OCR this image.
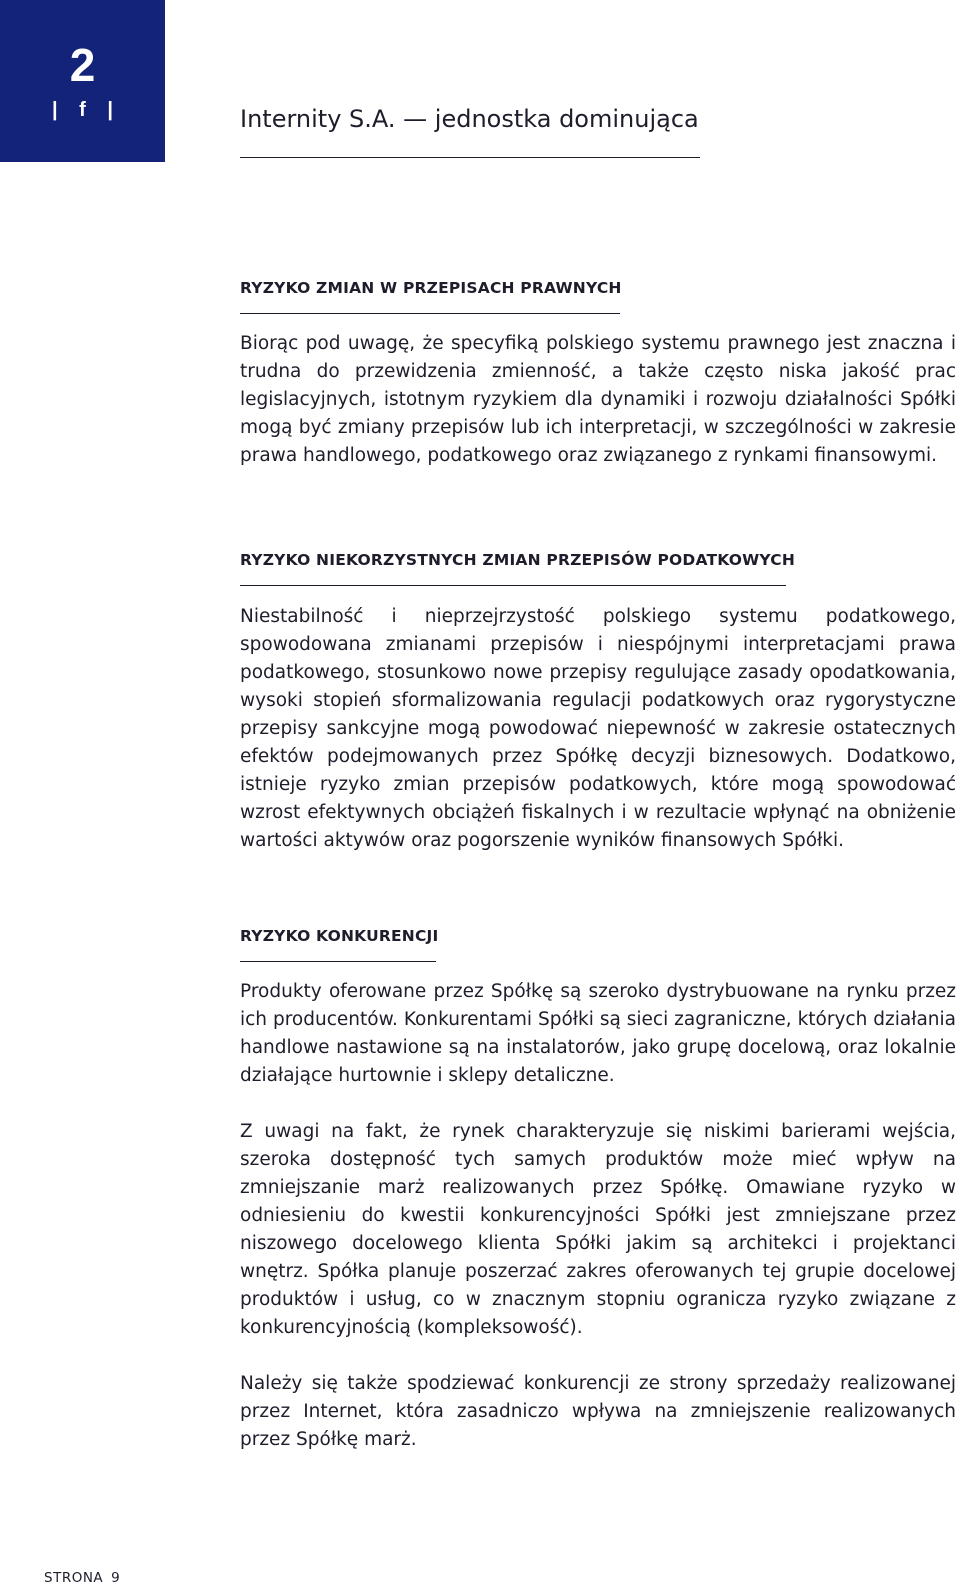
2
| f |	Internity S.A. — jednostka dominująca
RYZYKO ZMIAN W PRZEPISACH PRAWNYCH

Biorąc pod uwagę, że specyfiką polskiego systemu prawnego jest znaczna i trudna do przewidzenia zmienność, a także często niska jakość prac legislacyjnych, istotnym ryzykiem dla dynamiki i rozwoju działalności Spółki mogą być zmiany przepisów lub ich interpretacji, w szczególności w zakresie prawa handlowego, podatkowego oraz związanego z rynkami finansowymi.

RYZYKO NIEKORZYSTNYCH ZMIAN PRZEPISÓW PODATKOWYCH

Niestabilność i nieprzejrzystość polskiego systemu podatkowego, spowodowana zmianami przepisów i niespójnymi interpretacjami prawa podatkowego, stosunkowo nowe przepisy regulujące zasady opodatkowania, wysoki stopień sformalizowania regulacji podatkowych oraz rygorystyczne przepisy sankcyjne mogą powodować niepewność w zakresie ostatecznych efektów podejmowanych przez Spółkę decyzji biznesowych. Dodatkowo, istnieje ryzyko zmian przepisów podatkowych, które mogą spowodować wzrost efektywnych obciążeń fiskalnych i w rezultacie wpłynąć na obniżenie wartości aktywów oraz pogorszenie wyników finansowych Spółki.

RYZYKO KONKURENCJI

Produkty oferowane przez Spółkę są szeroko dystrybuowane na rynku przez ich producentów. Konkurentami Spółki są sieci zagraniczne, których działania handlowe nastawione są na instalatorów, jako grupę docelową, oraz lokalnie działające hurtownie i sklepy detaliczne.

Z uwagi na fakt, że rynek charakteryzuje się niskimi barierami wejścia, szeroka dostępność tych samych produktów może mieć wpływ na zmniejszanie marż realizowanych przez Spółkę. Omawiane ryzyko w odniesieniu do kwestii konkurencyjności Spółki jest zmniejszane przez niszowego docelowego klienta Spółki jakim są architekci i projektanci wnętrz. Spółka planuje poszerzać zakres oferowanych tej grupie docelowej produktów i usług, co w znacznym stopniu ogranicza ryzyko związane z konkurencyjnością (kompleksowość).

Należy się także spodziewać konkurencji ze strony sprzedaży realizowanej przez Internet, która zasadniczo wpływa na zmniejszenie realizowanych przez Spółkę marż.

STRONA 9
